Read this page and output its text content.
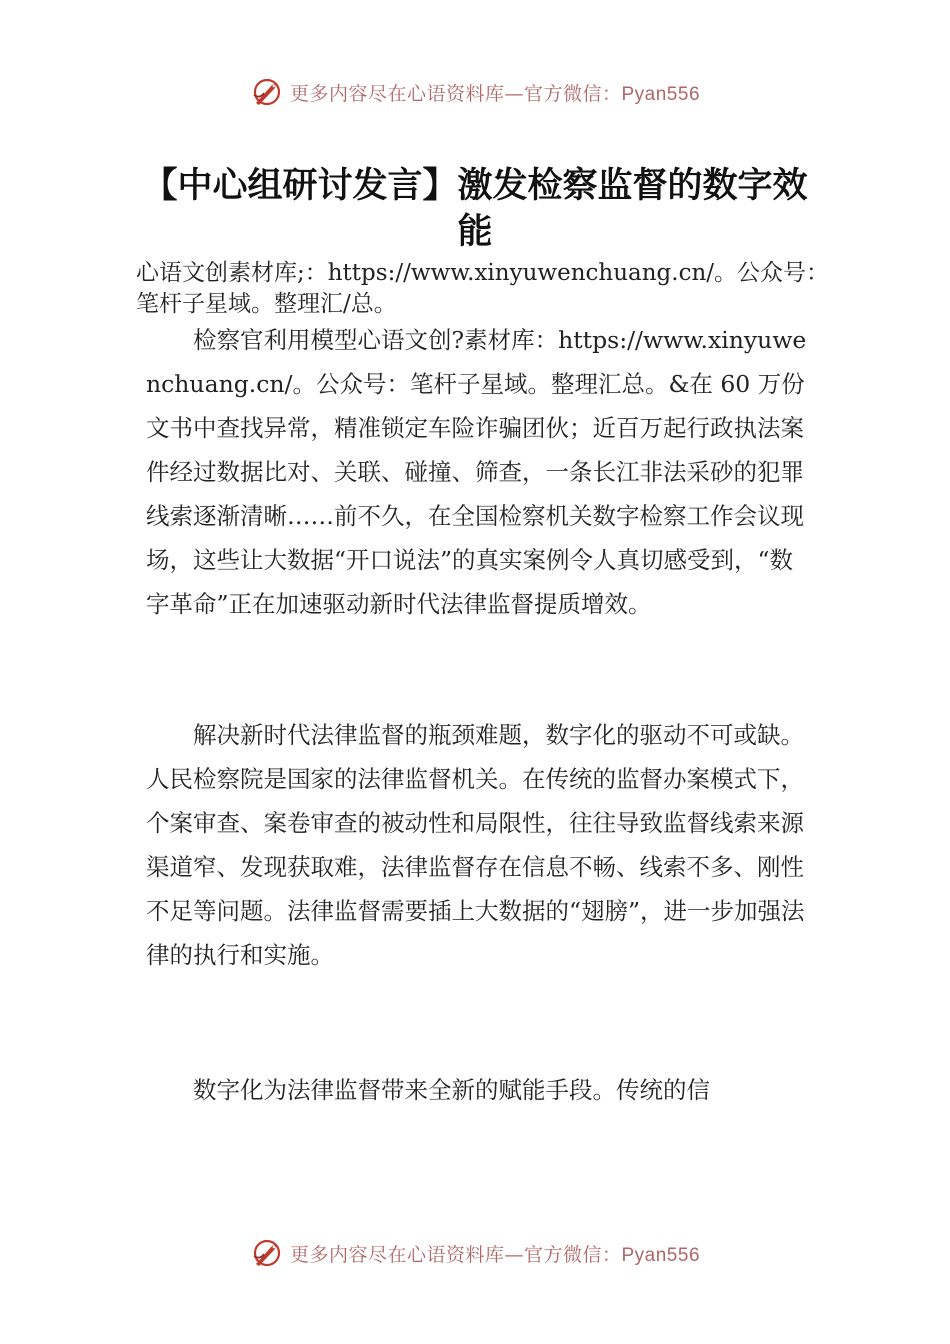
更多内容尽在心语资料库—官方微信：Pyan556
【中心组研讨发言】激发检察监督的数字效能

心语文创素材库;：https://www.xinyuwenchuang.cn/。公众号：笔杆子星域。整理汇/总。

检察官利用模型心语文创?素材库：https://www.xinyuwenchuang.cn/。公众号：笔杆子星域。整理汇总。&在 60 万份文书中查找异常，精准锁定车险诈骗团伙；近百万起行政执法案件经过数据比对、关联、碰撞、筛查，一条长江非法采砂的犯罪线索逐渐清晰……前不久，在全国检察机关数字检察工作会议现场，这些让大数据“开口说法”的真实案例令人真切感受到，“数字革命”正在加速驱动新时代法律监督提质增效。

解决新时代法律监督的瓶颈难题，数字化的驱动不可或缺。人民检察院是国家的法律监督机关。在传统的监督办案模式下，个案审查、案卷审查的被动性和局限性，往往导致监督线索来源渠道窄、发现获取难，法律监督存在信息不畅、线索不多、刚性不足等问题。法律监督需要插上大数据的“翅膀”，进一步加强法律的执行和实施。

数字化为法律监督带来全新的赋能手段。传统的信

更多内容尽在心语资料库—官方微信：Pyan556
